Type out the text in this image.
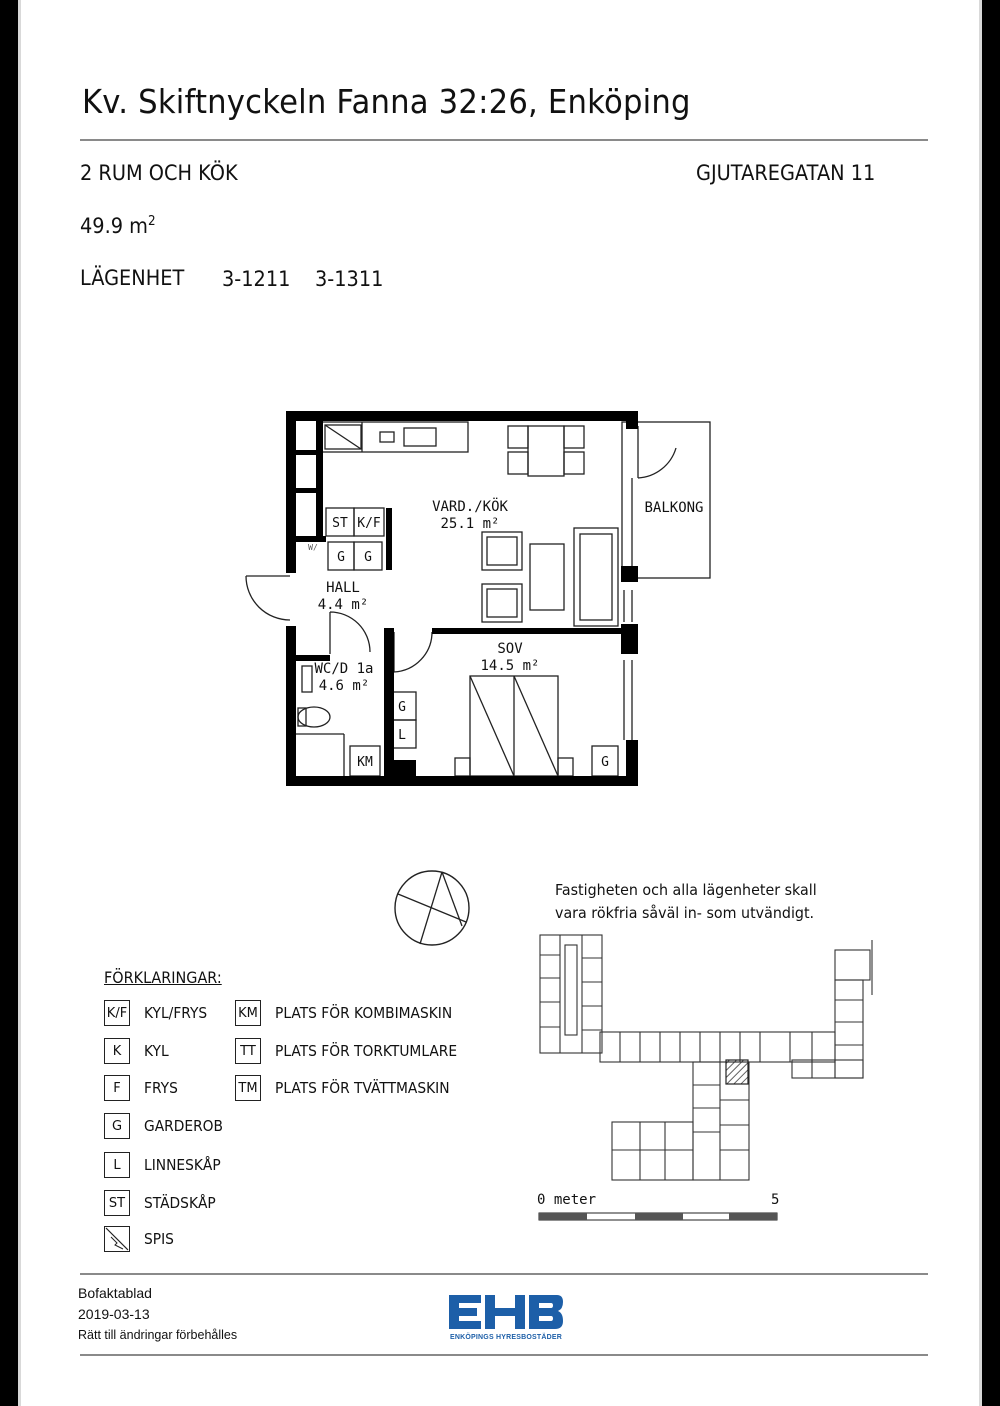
Kv. Skiftnyckeln Fanna 32:26, Enköping
2 RUM OCH KÖK	GJUTAREGATAN 11
49.9 $m^2$
LÄGENHET 3-1211 3-1311
VARD./KÖK
25.1 m²
BALKONG
HALL
4.4 m²
SOV
14.5 m²
WC/D 1a
4.6 m²
ST K/F
G G
G
L
KM	G
W/
Fastigheten och alla lägenheter skall vara rökfria såväl in- som utvändigt.
0 meter	5
FÖRKLARINGAR:
K/F KYL/FRYS
K	KYL
F	FRYS
G	GARDEROB
L	LINNESKÅP
ST	STÄDSKÅP
SPIS
KM PLATS FÖR KOMBIMASKIN
TT	PLATS FÖR TORKTUMLARE
TM PLATS FÖR TVÄTTMASKIN
Bofaktablad
2019-03-13
Rätt till ändringar förbehålles	ENKÖPINGS HYRESBOSTÄDER
